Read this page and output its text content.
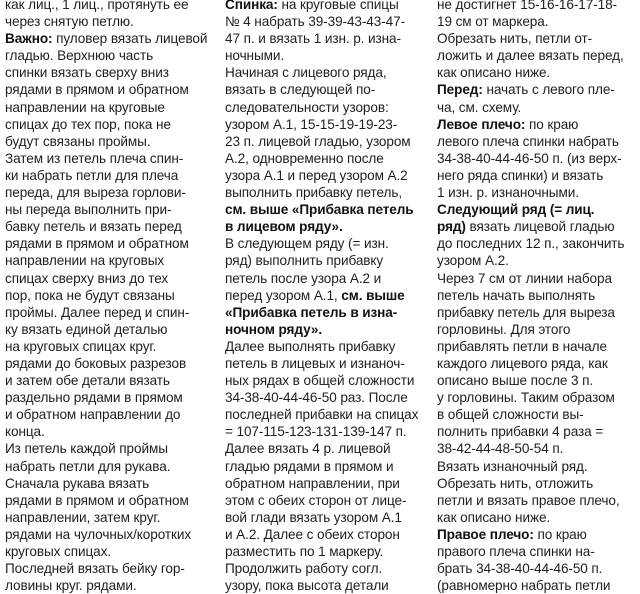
как лиц., 1 лиц., протянуть ее
через снятую петлю.
Важно: пуловер вязать лицевой
гладью. Верхнюю часть
спинки вязать сверху вниз
рядами в прямом и обратном
направлении на круговые
спицах до тех пор, пока не
будут связаны проймы.
Затем из петель плеча спин-
ки набрать петли для плеча
переда, для выреза горлови-
ны переда выполнить при-
бавку петель и вязать перед
рядами в прямом и обратном
направлении на круговых
спицах сверху вниз до тех
пор, пока не будут связаны
проймы. Далее перед и спин-
ку вязать единой деталью
на круговых спицах круг.
рядами до боковых разрезов
и затем обе детали вязать
раздельно рядами в прямом
и обратном направлении до
конца.
Из петель каждой проймы
набрать петли для рукава.
Сначала рукава вязать
рядами в прямом и обратном
направлении, затем круг.
рядами на чулочных/коротких
круговых спицах.
Последней вязать бейку гор-
ловины круг. рядами.
Спинка: на круговые спицы
№ 4 набрать 39-39-43-43-47-
47 п. и вязать 1 изн. р. изна-
ночными.
Начиная с лицевого ряда,
вязать в следующей по-
следовательности узоров:
узором А.1, 15-15-19-19-23-
23 п. лицевой гладью, узором
А.2, одновременно после
узора А.1 и перед узором А.2
выполнить прибавку петель,
см. выше «Прибавка петель
в лицевом ряду».
В следующем ряду (= изн.
ряд) выполнить прибавку
петель после узора А.2 и
перед узором А.1, см. выше
«Прибавка петель в изна-
ночном ряду».
Далее выполнять прибавку
петель в лицевых и изнаноч-
ных рядах в общей сложности
34-38-40-44-46-50 раз. После
последней прибавки на спицах
= 107-115-123-131-139-147 п.
Далее вязать 4 р. лицевой
гладью рядами в прямом и
обратном направлении, при
этом с обеих сторон от лице-
вой глади вязать узором А.1
и А.2. Далее с обеих сторон
разместить по 1 маркеру.
Продолжить работу согл.
узору, пока высота детали
не достигнет 15-16-16-17-18-
19 см от маркера.
Обрезать нить, петли от-
ложить и далее вязать перед,
как описано ниже.
Перед: начать с левого пле-
ча, см. схему.
Левое плечо: по краю
левого плеча спинки набрать
34-38-40-44-46-50 п. (из верх-
него ряда спинки) и вязать
1 изн. р. изнаночными.
Следующий ряд (= лиц.
ряд) вязать лицевой гладью
до последних 12 п., закончить
узором А.2.
Через 7 см от линии набора
петель начать выполнять
прибавку петель для выреза
горловины. Для этого
прибавлять петли в начале
каждого лицевого ряда, как
описано выше после 3 п.
у горловины. Таким образом
в общей сложности вы-
полнить прибавки 4 раза =
38-42-44-48-50-54 п.
Вязать изнаночный ряд.
Обрезать нить, отложить
петли и вязать правое плечо,
как описано ниже.
Правое плечо: по краю
правого плеча спинки на-
брать 34-38-40-44-46-50 п.
(равномерно набрать петли
